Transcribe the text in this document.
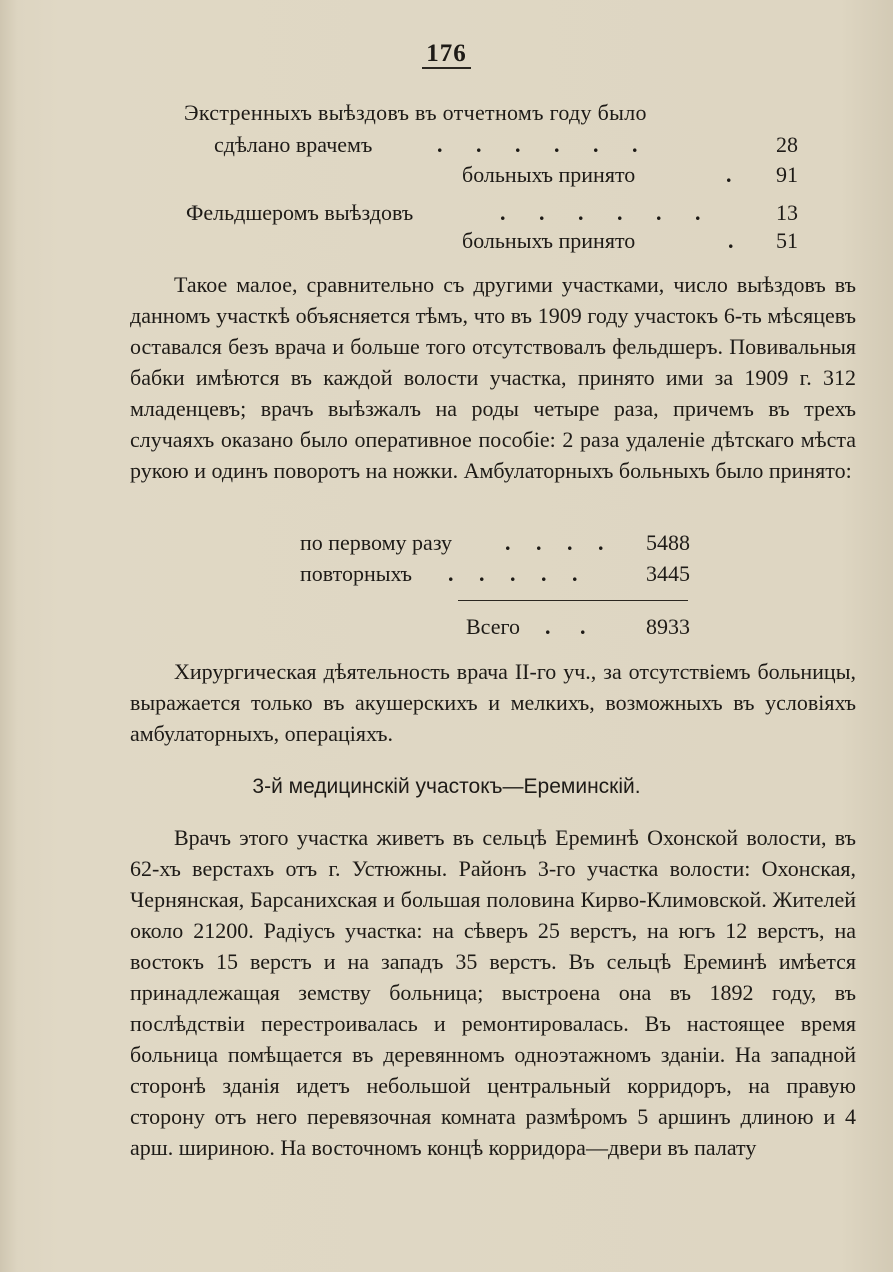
176
Экстренныхъ выѣздовъ въ отчетномъ году было
сдѣлано врачемъ	. . . . . .	28
больныхъ принято	.	91
Фельдшеромъ выѣздовъ	. . . . . .	13
больныхъ принято	.	51

Такое малое, сравнительно съ другими участками, число выѣздовъ въ данномъ участкѣ объясняется тѣмъ, что въ 1909 году участокъ 6-ть мѣсяцевъ оставался безъ врача и больше того отсутствовалъ фельдшеръ. Повивальныя бабки имѣются въ каждой волости участка, принято ими за 1909 г. 312 младенцевъ; врачъ выѣзжалъ на роды четыре раза, причемъ въ трехъ случаяхъ оказано было оперативное пособіе: 2 раза удаленіе дѣтскаго мѣста рукою и одинъ поворотъ на ножки. Амбулаторныхъ больныхъ было принято:

по первому разу . . . .	5488
повторныхъ . . . . .	3445
Всего . .	8933

Хирургическая дѣятельность врача II-го уч., за отсутствіемъ больницы, выражается только въ акушерскихъ и мелкихъ, возможныхъ въ условіяхъ амбулаторныхъ, операціяхъ.

3-й медицинскій участокъ—Ереминскій.

Врачъ этого участка живетъ въ сельцѣ Ереминѣ Охонской волости, въ 62-хъ верстахъ отъ г. Устюжны. Районъ 3-го участка волости: Охонская, Чернянская, Барсанихская и большая половина Кирво-Климовской. Жителей около 21200. Радіусъ участка: на сѣверъ 25 верстъ, на югъ 12 верстъ, на востокъ 15 верстъ и на западъ 35 верстъ. Въ сельцѣ Ереминѣ имѣется принадлежащая земству больница; выстроена она въ 1892 году, въ послѣдствіи перестроивалась и ремонтировалась. Въ настоящее время больница помѣщается въ деревянномъ одноэтажномъ зданіи. На западной сторонѣ зданія идетъ небольшой центральный корридоръ, на правую сторону отъ него перевязочная комната размѣромъ 5 аршинъ длиною и 4 арш. шириною. На восточномъ концѣ корридора—двери въ палату
